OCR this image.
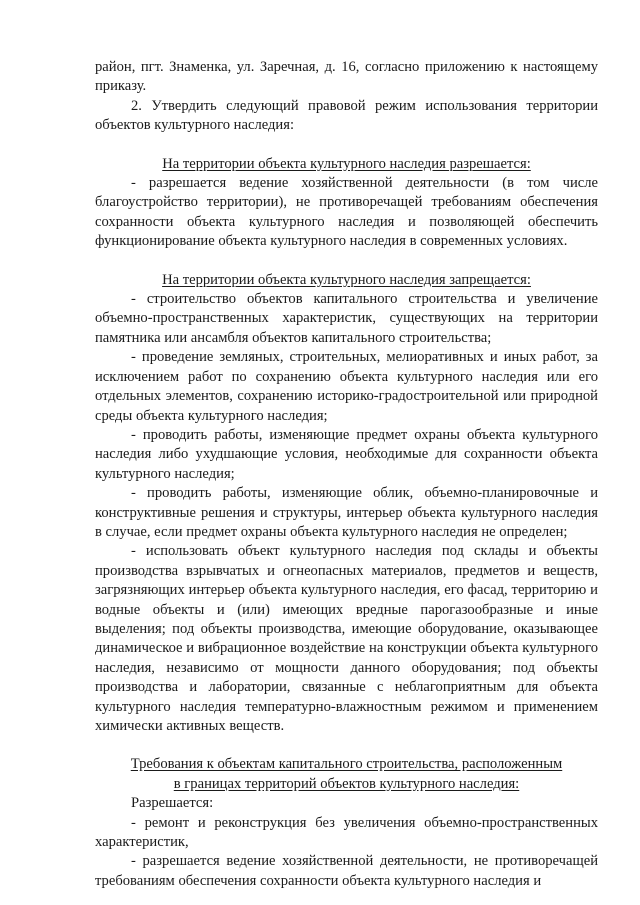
район, пгт. Знаменка, ул. Заречная, д. 16, согласно приложению к настоящему приказу.

2. Утвердить следующий правовой режим использования территории объектов культурного наследия:

На территории объекта культурного наследия разрешается:

- разрешается ведение хозяйственной деятельности (в том числе благоустройство территории), не противоречащей требованиям обеспечения сохранности объекта культурного наследия и позволяющей обеспечить функционирование объекта культурного наследия в современных условиях.

На территории объекта культурного наследия запрещается:

- строительство объектов капитального строительства и увеличение объемно-пространственных характеристик, существующих на территории памятника или ансамбля объектов капитального строительства;

- проведение земляных, строительных, мелиоративных и иных работ, за исключением работ по сохранению объекта культурного наследия или его отдельных элементов, сохранению историко-градостроительной или природной среды объекта культурного наследия;

- проводить работы, изменяющие предмет охраны объекта культурного наследия либо ухудшающие условия, необходимые для сохранности объекта культурного наследия;

- проводить работы, изменяющие облик, объемно-планировочные и конструктивные решения и структуры, интерьер объекта культурного наследия в случае, если предмет охраны объекта культурного наследия не определен;

- использовать объект культурного наследия под склады и объекты производства взрывчатых и огнеопасных материалов, предметов и веществ, загрязняющих интерьер объекта культурного наследия, его фасад, территорию и водные объекты и (или) имеющих вредные парогазообразные и иные выделения; под объекты производства, имеющие оборудование, оказывающее динамическое и вибрационное воздействие на конструкции объекта культурного наследия, независимо от мощности данного оборудования; под объекты производства и лаборатории, связанные с неблагоприятным для объекта культурного наследия температурно-влажностным режимом и применением химически активных веществ.

Требования к объектам капитального строительства, расположенным

в границах территорий объектов культурного наследия:

Разрешается:

- ремонт и реконструкция без увеличения объемно-пространственных характеристик,

- разрешается ведение хозяйственной деятельности, не противоречащей требованиям обеспечения сохранности объекта культурного наследия и
